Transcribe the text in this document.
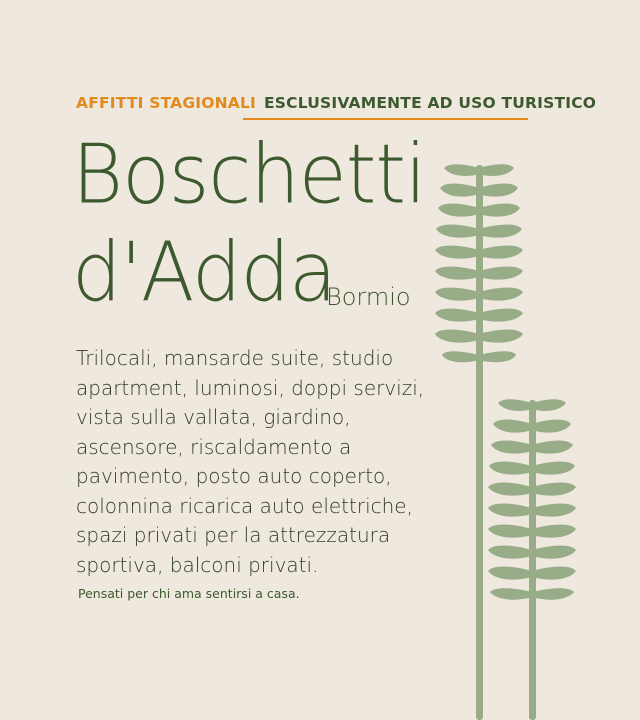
AFFITTI STAGIONALI ESCLUSIVAMENTE AD USO TURISTICO
Boschetti
d'Adda
Bormio
Trilocali, mansarde suite, studio
apartment, luminosi, doppi servizi,
vista sulla vallata, giardino,
ascensore, riscaldamento a
pavimento, posto auto coperto,
colonnina ricarica auto elettriche,
spazi privati per la attrezzatura
sportiva, balconi privati.
Pensati per chi ama sentirsi a casa.
